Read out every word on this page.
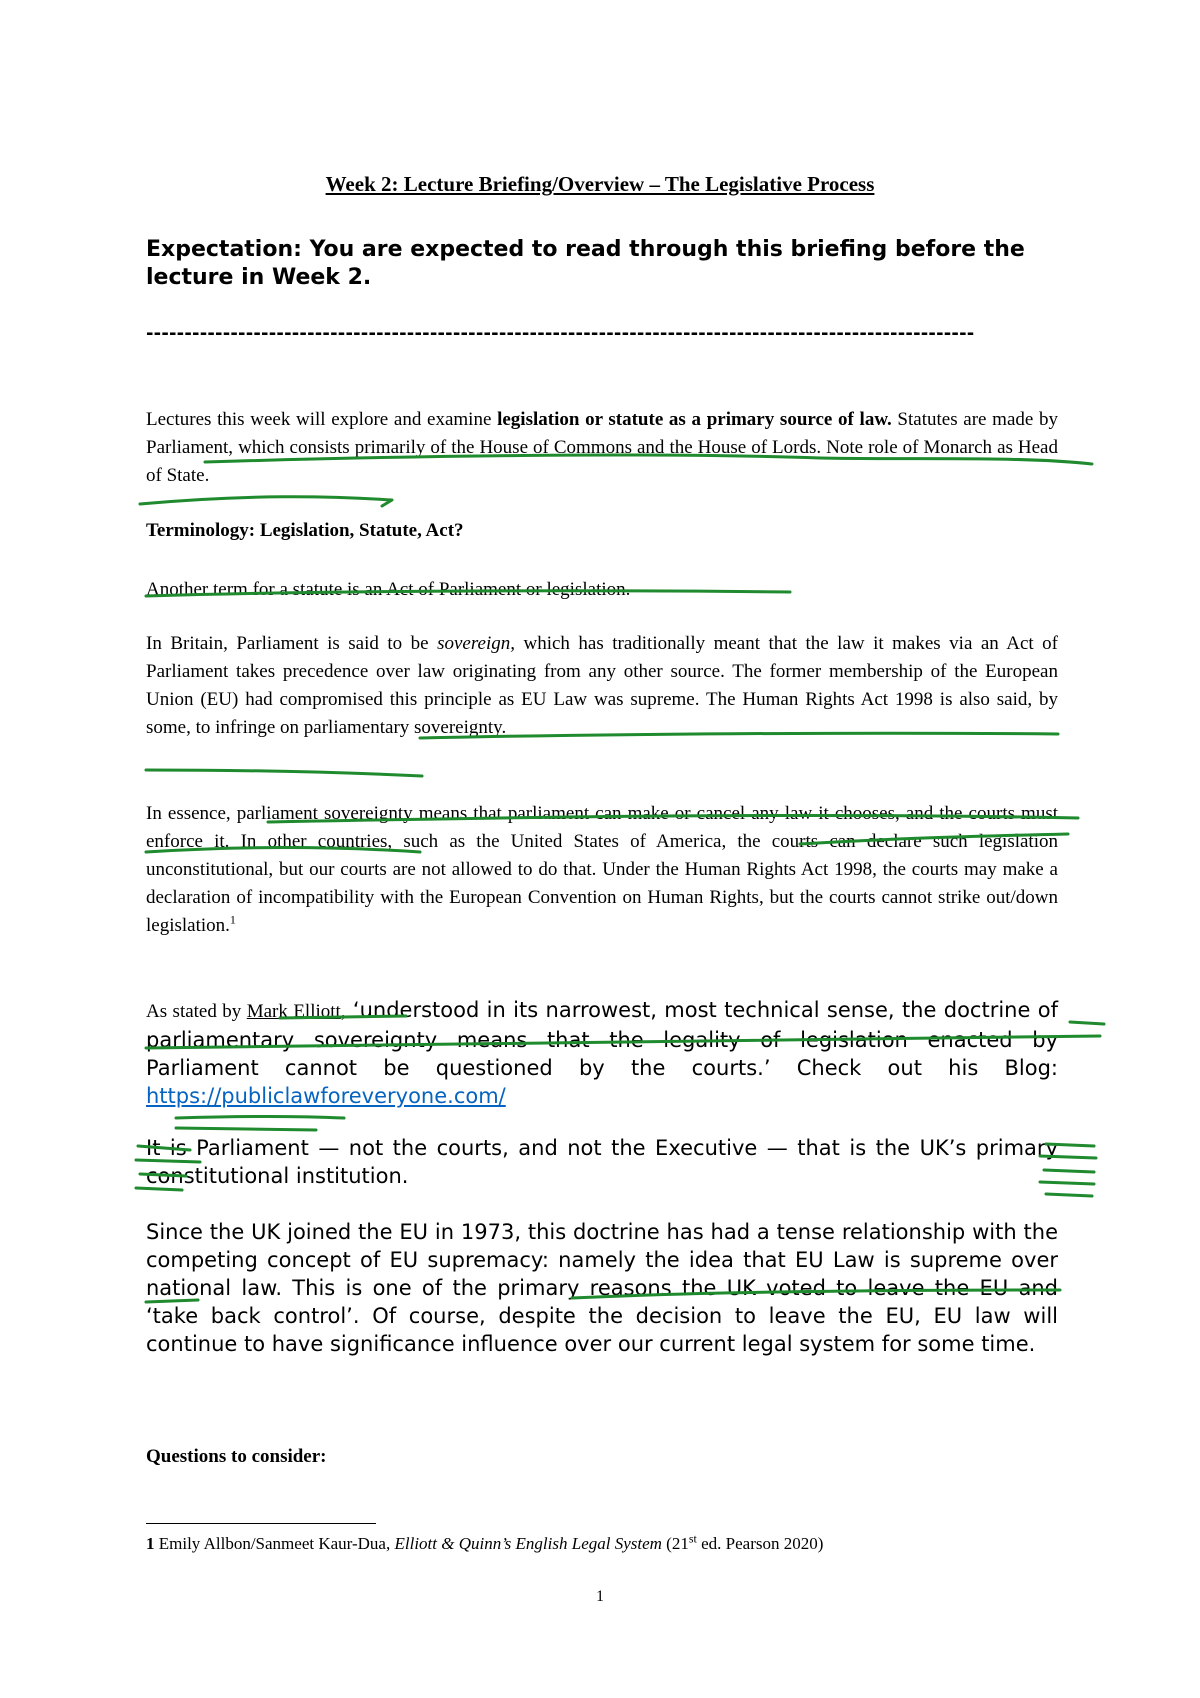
Week 2: Lecture Briefing/Overview – The Legislative Process
Expectation: You are expected to read through this briefing before the lecture in Week 2.
------------------------------------------------------------------------------------------------------------

Lectures this week will explore and examine legislation or statute as a primary source of law. Statutes are made by Parliament, which consists primarily of the House of Commons and the House of Lords. Note role of Monarch as Head of State.

Terminology: Legislation, Statute, Act?

Another term for a statute is an Act of Parliament or legislation.

In Britain, Parliament is said to be sovereign, which has traditionally meant that the law it makes via an Act of Parliament takes precedence over law originating from any other source. The former membership of the European Union (EU) had compromised this principle as EU Law was supreme. The Human Rights Act 1998 is also said, by some, to infringe on parliamentary sovereignty.

In essence, parliament sovereignty means that parliament can make or cancel any law it chooses, and the courts must enforce it. In other countries, such as the United States of America, the courts can declare such legislation unconstitutional, but our courts are not allowed to do that. Under the Human Rights Act 1998, the courts may make a declaration of incompatibility with the European Convention on Human Rights, but the courts cannot strike out/down legislation.$^1$

As stated by Mark Elliott, ‘understood in its narrowest, most technical sense, the doctrine of parliamentary sovereignty means that the legality of legislation enacted by Parliament cannot be questioned by the courts.’ Check out his Blog: https://publiclawforeveryone.com/

It is Parliament — not the courts, and not the Executive — that is the UK’s primary constitutional institution.

Since the UK joined the EU in 1973, this doctrine has had a tense relationship with the competing concept of EU supremacy: namely the idea that EU Law is supreme over national law. This is one of the primary reasons the UK voted to leave the EU and ‘take back control’. Of course, despite the decision to leave the EU, EU law will continue to have significance influence over our current legal system for some time.

Questions to consider:
1 Emily Allbon/Sanmeet Kaur-Dua, Elliott & Quinn’s English Legal System (21st ed. Pearson 2020)
1
